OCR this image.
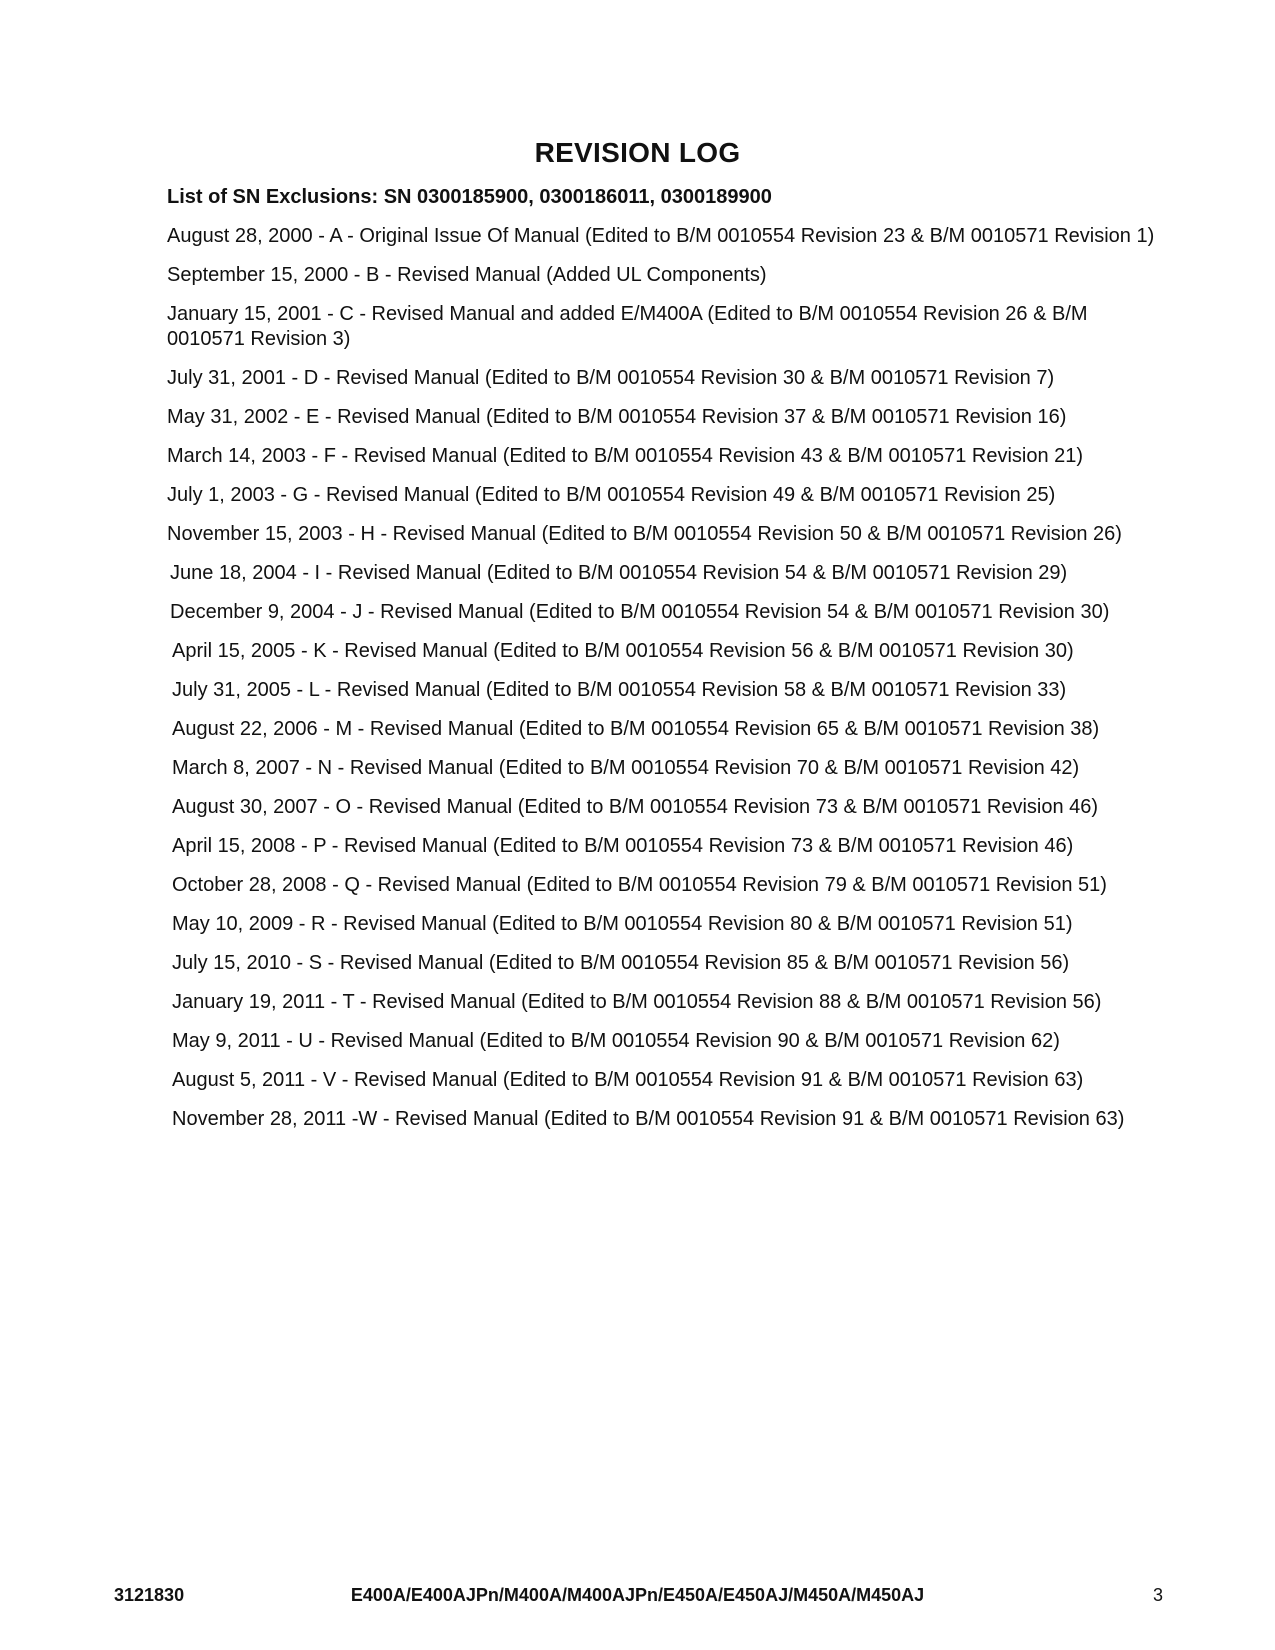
REVISION LOG
List of SN Exclusions: SN 0300185900, 0300186011, 0300189900

August 28, 2000 - A - Original Issue Of Manual (Edited to B/M 0010554 Revision 23 & B/M 0010571 Revision 1)

September 15, 2000 - B - Revised Manual (Added UL Components)

January 15, 2001 - C - Revised Manual and added E/M400A (Edited to B/M 0010554 Revision 26 & B/M 0010571 Revision 3)

July 31, 2001 - D - Revised Manual (Edited to B/M 0010554 Revision 30 & B/M 0010571 Revision 7)

May 31, 2002 - E - Revised Manual (Edited to B/M 0010554 Revision 37 & B/M 0010571 Revision 16)

March 14, 2003 - F - Revised Manual (Edited to B/M 0010554 Revision 43 & B/M 0010571 Revision 21)

July 1, 2003 - G - Revised Manual (Edited to B/M 0010554 Revision 49 & B/M 0010571 Revision 25)

November 15, 2003 - H - Revised Manual (Edited to B/M 0010554 Revision 50 & B/M 0010571 Revision 26)

June 18, 2004 - I - Revised Manual (Edited to B/M 0010554 Revision 54 & B/M 0010571 Revision 29)

December 9, 2004 - J - Revised Manual (Edited to B/M 0010554 Revision 54 & B/M 0010571 Revision 30)

April 15, 2005 - K - Revised Manual (Edited to B/M 0010554 Revision 56 & B/M 0010571 Revision 30)

July 31, 2005 - L - Revised Manual (Edited to B/M 0010554 Revision 58 & B/M 0010571 Revision 33)

August 22, 2006 - M - Revised Manual (Edited to B/M 0010554 Revision 65 & B/M 0010571 Revision 38)

March 8, 2007 - N - Revised Manual (Edited to B/M 0010554 Revision 70 & B/M 0010571 Revision 42)

August 30, 2007 - O - Revised Manual (Edited to B/M 0010554 Revision 73 & B/M 0010571 Revision 46)

April 15, 2008 - P - Revised Manual (Edited to B/M 0010554 Revision 73 & B/M 0010571 Revision 46)

October 28, 2008 - Q - Revised Manual (Edited to B/M 0010554 Revision 79 & B/M 0010571 Revision 51)

May 10, 2009 - R - Revised Manual (Edited to B/M 0010554 Revision 80 & B/M 0010571 Revision 51)

July 15, 2010 - S - Revised Manual (Edited to B/M 0010554 Revision 85 & B/M 0010571 Revision 56)

January 19, 2011 - T - Revised Manual (Edited to B/M 0010554 Revision 88 & B/M 0010571 Revision 56)

May 9, 2011 - U - Revised Manual (Edited to B/M 0010554 Revision 90 & B/M 0010571 Revision 62)

August 5, 2011 - V - Revised Manual (Edited to B/M 0010554 Revision 91 & B/M 0010571 Revision 63)

November 28, 2011 -W - Revised Manual (Edited to B/M 0010554 Revision 91 & B/M 0010571 Revision 63)

3121830	E400A/E400AJPn/M400A/M400AJPn/E450A/E450AJ/M450A/M450AJ	3
